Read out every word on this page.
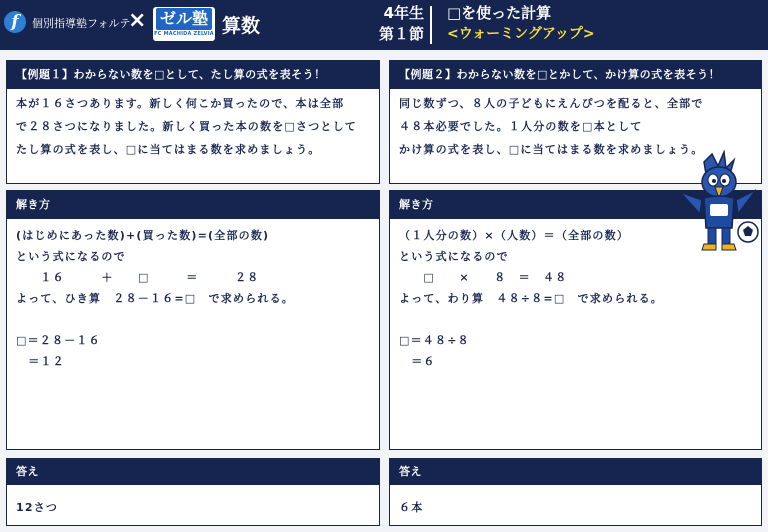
f	個別指導塾フォルテ
× ゼル塾
FC MACHIDA ZELVIA 算数
4年生
第１節
□を使った計算
<ウォーミングアップ>
【例題１】わからない数を□として、たし算の式を表そう！
本が１６さつあります。新しく何こか買ったので、本は全部
で２８さつになりました。新しく買った本の数を□さつとして
たし算の式を表し、□に当てはまる数を求めましょう。
【例題２】わからない数を□とかして、かけ算の式を表そう！
同じ数ずつ、８人の子どもにえんぴつを配ると、全部で
４８本必要でした。１人分の数を□本として
かけ算の式を表し、□に当てはまる数を求めましょう。
解き方
(はじめにあった数)+(買った数)=(全部の数)
という式になるので
　　１６　　　＋　　□　　　＝　　　２８
よって、ひき算　２８－１６=□　で求められる。
□＝２８－１６
　＝１２
解き方
（１人分の数）×（人数）＝（全部の数）
という式になるので
　　□　　×　　８　＝　４８
よって、わり算　４８÷８=□　で求められる。
□＝４８÷８
　＝６
答え
12さつ
答え
６本
